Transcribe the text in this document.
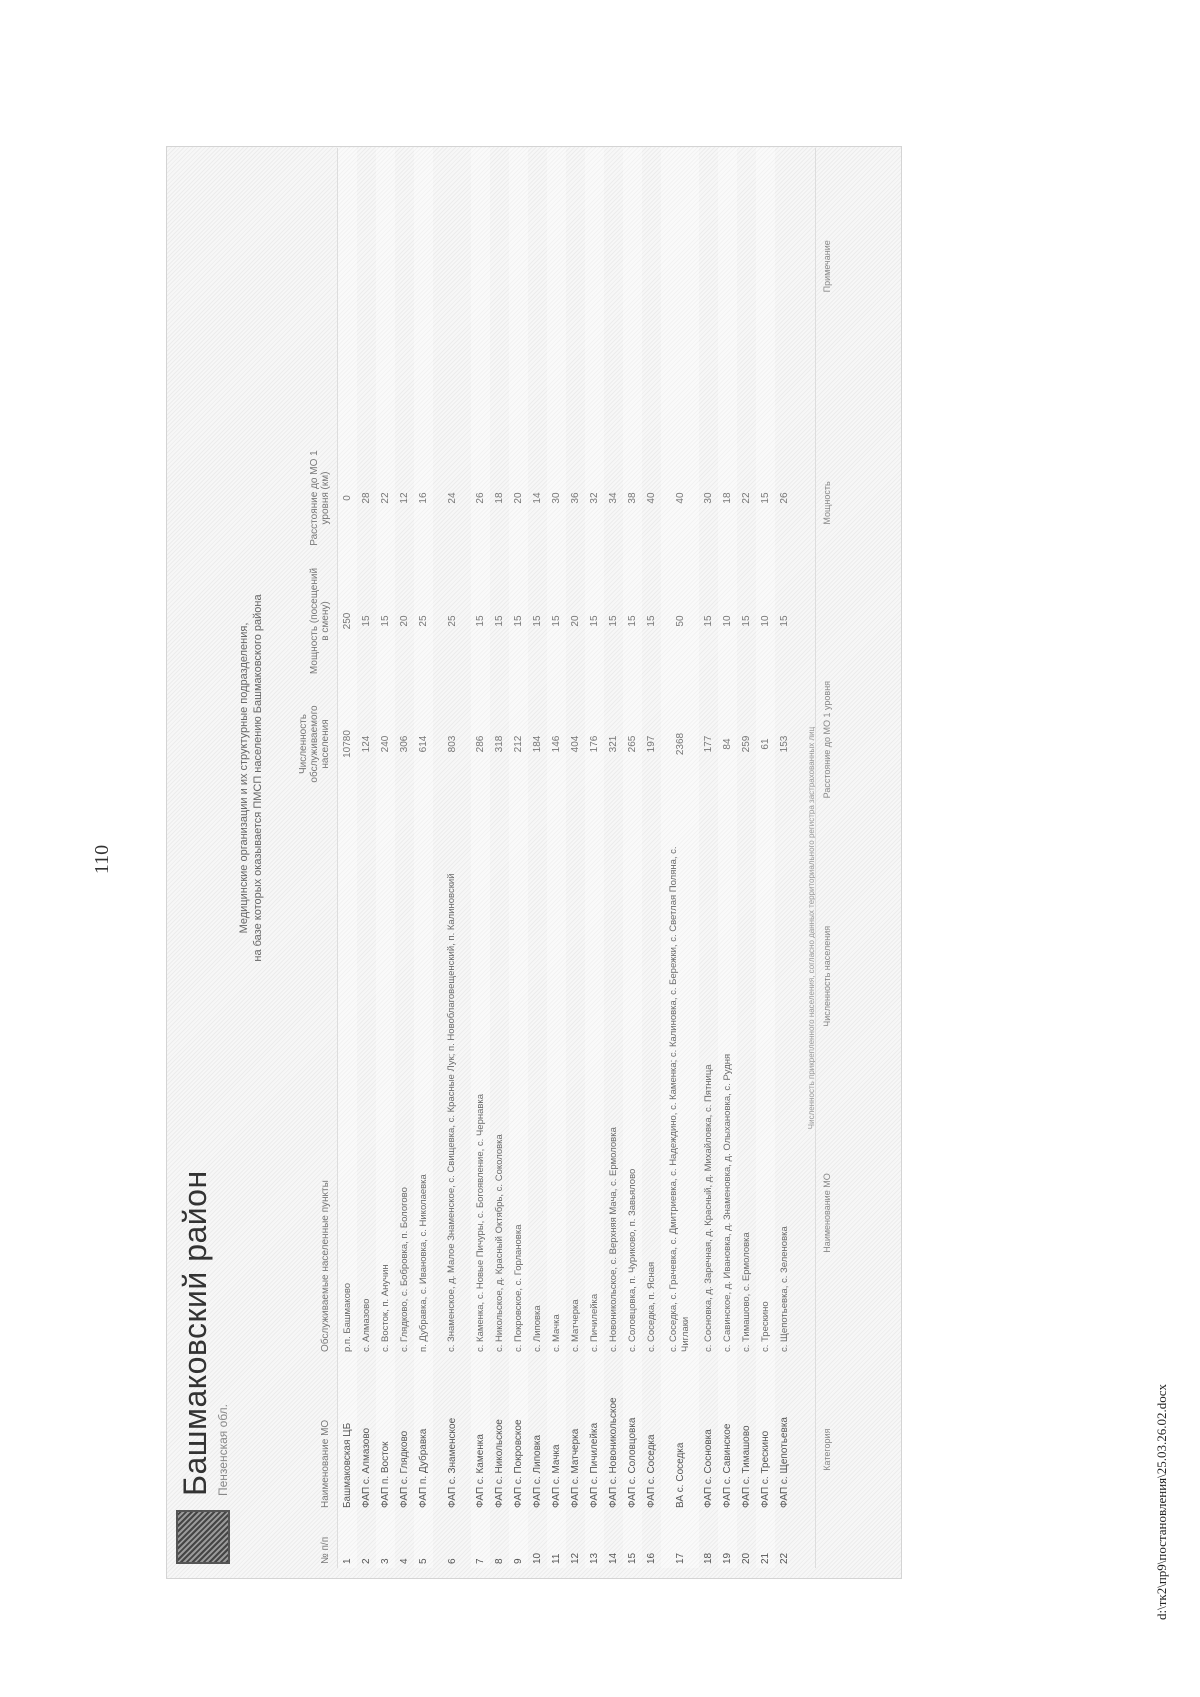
110
d:\тк2\пр9\постановления\25.03.26.02.docx
Башмаковский район Пензенская обл.
Медицинские организации и их структурные подразделения, на базе которых оказывается ПМСП населению Башмаковского района
№ п/п
Наименование МО
Обслуживаемые населенные пункты
Численность обслуживаемого населения
Мощность (посещений в смену)
Расстояние до МО 1 уровня (км)
1
Башмаковская ЦБ
р.п. Башмаково
10780
250
0
2
ФАП с. Алмазово
с. Алмазово
124
15
28
3
ФАП п. Восток
с. Восток, п. Анучин
240
15
22
4
ФАП с. Глядково
с. Глядково, с. Бобровка, п. Бологово
306
20
12
5
ФАП п. Дубравка
п. Дубравка, с. Ивановка, с. Николаевка
614
25
16
6
ФАП с. Знаменское
с. Знаменское, д. Малое Знаменское, с. Свищевка, с. Красные Лук; п. Новоблаговещенский, п. Калиновский
803
25
24
7
ФАП с. Каменка
с. Каменка, с. Новые Пичуры, с. Богоявление, с. Чернавка
286
15
26
8
ФАП с. Никольское
с. Никольское, д. Красный Октябрь, с. Соколовка
318
15
18
9
ФАП с. Покровское
с. Покровское, с. Горлановка
212
15
20
10
ФАП с. Липовка
с. Липовка
184
15
14
11
ФАП с. Мачка
с. Мачка
146
15
30
12
ФАП с. Матчерка
с. Матчерка
404
20
36
13
ФАП с. Пичилейка
с. Пичилейка
176
15
32
14
ФАП с. Новоникольское
с. Новоникольское, с. Верхняя Мача, с. Ермоловка
321
15
34
15
ФАП с. Соловцовка
с. Соловцовка, п. Чуриково, п. Завьялово
265
15
38
16
ФАП с. Соседка
с. Соседка, п. Ясная
197
15
40
17
ВА с. Соседка
с. Соседка, с. Грачевка, с. Дмитриевка, с. Надеждино, с. Каменка; с. Калиновка, с. Бережки, с. Светлая Поляна, с. Чиглаки
2368
50
40
18
ФАП с. Сосновка
с. Сосновка, д. Заречная, д. Красный, д. Михайловка, с. Пятница
177
15
30
19
ФАП с. Савинское
с. Савинское, д. Ивановка, д. Знаменовка, д. Олыхановка, с. Рудня
84
10
18
20
ФАП с. Тимашово
с. Тимашово, с. Ермоловка
259
15
22
21
ФАП с. Трескино
с. Трескино
61
10
15
22
ФАП с. Щепотьевка
с. Щепотьевка, с. Зеленовка
153
15
26
Численность прикрепленного населения, согласно данных территориального регистра застрахованных лиц
Категория
Наименование МО
Численность населения
Расстояние до МО 1 уровня
Мощность
Примечание
